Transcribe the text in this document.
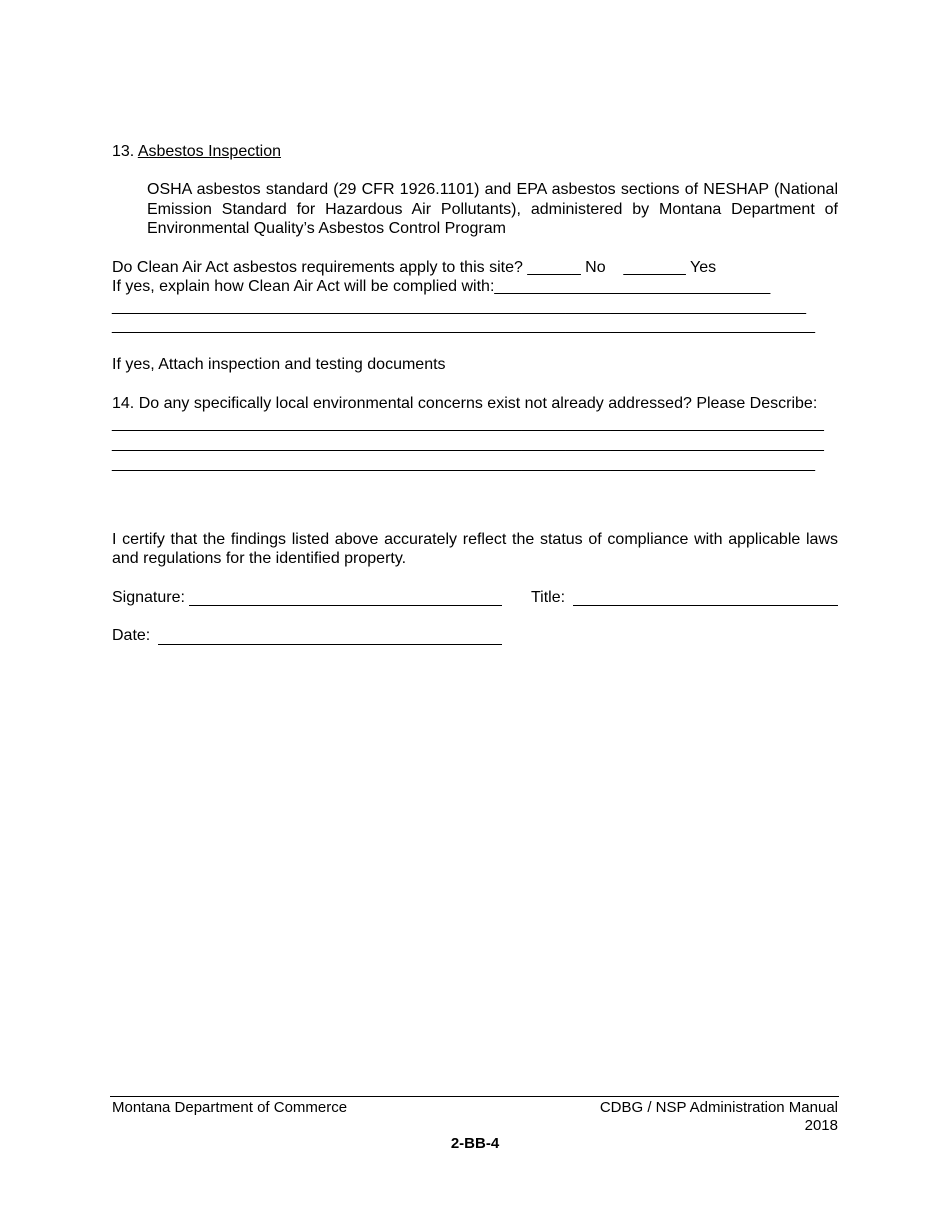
13. Asbestos Inspection
OSHA asbestos standard (29 CFR 1926.1101) and EPA asbestos sections of NESHAP (National Emission Standard for Hazardous Air Pollutants), administered by Montana Department of Environmental Quality’s Asbestos Control Program
Do Clean Air Act asbestos requirements apply to this site? ______ No _______ Yes
If yes, explain how Clean Air Act will be complied with:_______________________________
______________________________________________________________________________
_______________________________________________________________________________
If yes, Attach inspection and testing documents
14. Do any specifically local environmental concerns exist not already addressed? Please Describe:
________________________________________________________________________________
________________________________________________________________________________
_______________________________________________________________________________
I certify that the findings listed above accurately reflect the status of compliance with applicable laws and regulations for the identified property.
Signature:	Title:
Date:
Montana Department of Commerce	CDBG / NSP Administration Manual
2018
2-BB-4
